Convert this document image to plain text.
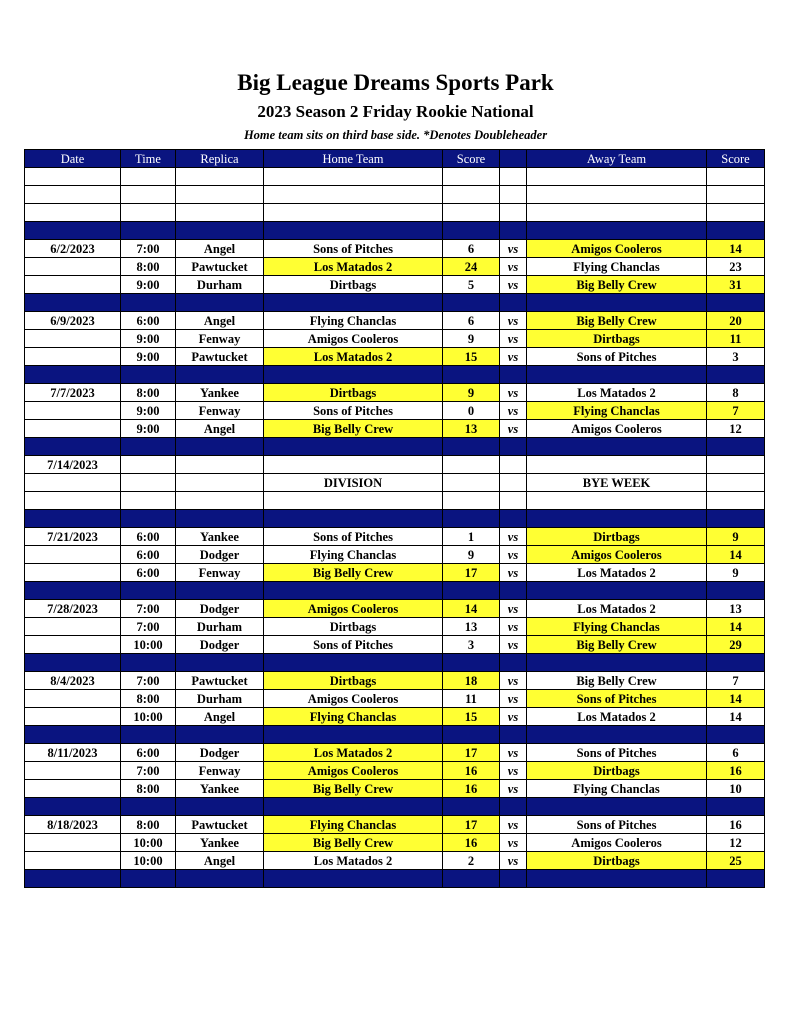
Big League Dreams Sports Park
2023 Season 2 Friday Rookie National
Home team sits on third base side. *Denotes Doubleheader
Date	Time	Replica	Home Team	Score		Away Team	Score

6/2/2023	7:00	Angel	Sons of Pitches	6	vs	Amigos Cooleros	14
	8:00	Pawtucket	Los Matados 2	24	vs	Flying Chanclas	23
	9:00	Durham	Dirtbags	5	vs	Big Belly Crew	31

6/9/2023	6:00	Angel	Flying Chanclas	6	vs	Big Belly Crew	20
	9:00	Fenway	Amigos Cooleros	9	vs	Dirtbags	11
	9:00	Pawtucket	Los Matados 2	15	vs	Sons of Pitches	3

7/7/2023	8:00	Yankee	Dirtbags	9	vs	Los Matados 2	8
	9:00	Fenway	Sons of Pitches	0	vs	Flying Chanclas	7
	9:00	Angel	Big Belly Crew	13	vs	Amigos Cooleros	12

7/14/2023							
			DIVISION			BYE WEEK	

7/21/2023	6:00	Yankee	Sons of Pitches	1	vs	Dirtbags	9
	6:00	Dodger	Flying Chanclas	9	vs	Amigos Cooleros	14
	6:00	Fenway	Big Belly Crew	17	vs	Los Matados 2	9

7/28/2023	7:00	Dodger	Amigos Cooleros	14	vs	Los Matados 2	13
	7:00	Durham	Dirtbags	13	vs	Flying Chanclas	14
	10:00	Dodger	Sons of Pitches	3	vs	Big Belly Crew	29

8/4/2023	7:00	Pawtucket	Dirtbags	18	vs	Big Belly Crew	7
	8:00	Durham	Amigos Cooleros	11	vs	Sons of Pitches	14
	10:00	Angel	Flying Chanclas	15	vs	Los Matados 2	14

8/11/2023	6:00	Dodger	Los Matados 2	17	vs	Sons of Pitches	6
	7:00	Fenway	Amigos Cooleros	16	vs	Dirtbags	16
	8:00	Yankee	Big Belly Crew	16	vs	Flying Chanclas	10

8/18/2023	8:00	Pawtucket	Flying Chanclas	17	vs	Sons of Pitches	16
	10:00	Yankee	Big Belly Crew	16	vs	Amigos Cooleros	12
	10:00	Angel	Los Matados 2	2	vs	Dirtbags	25
